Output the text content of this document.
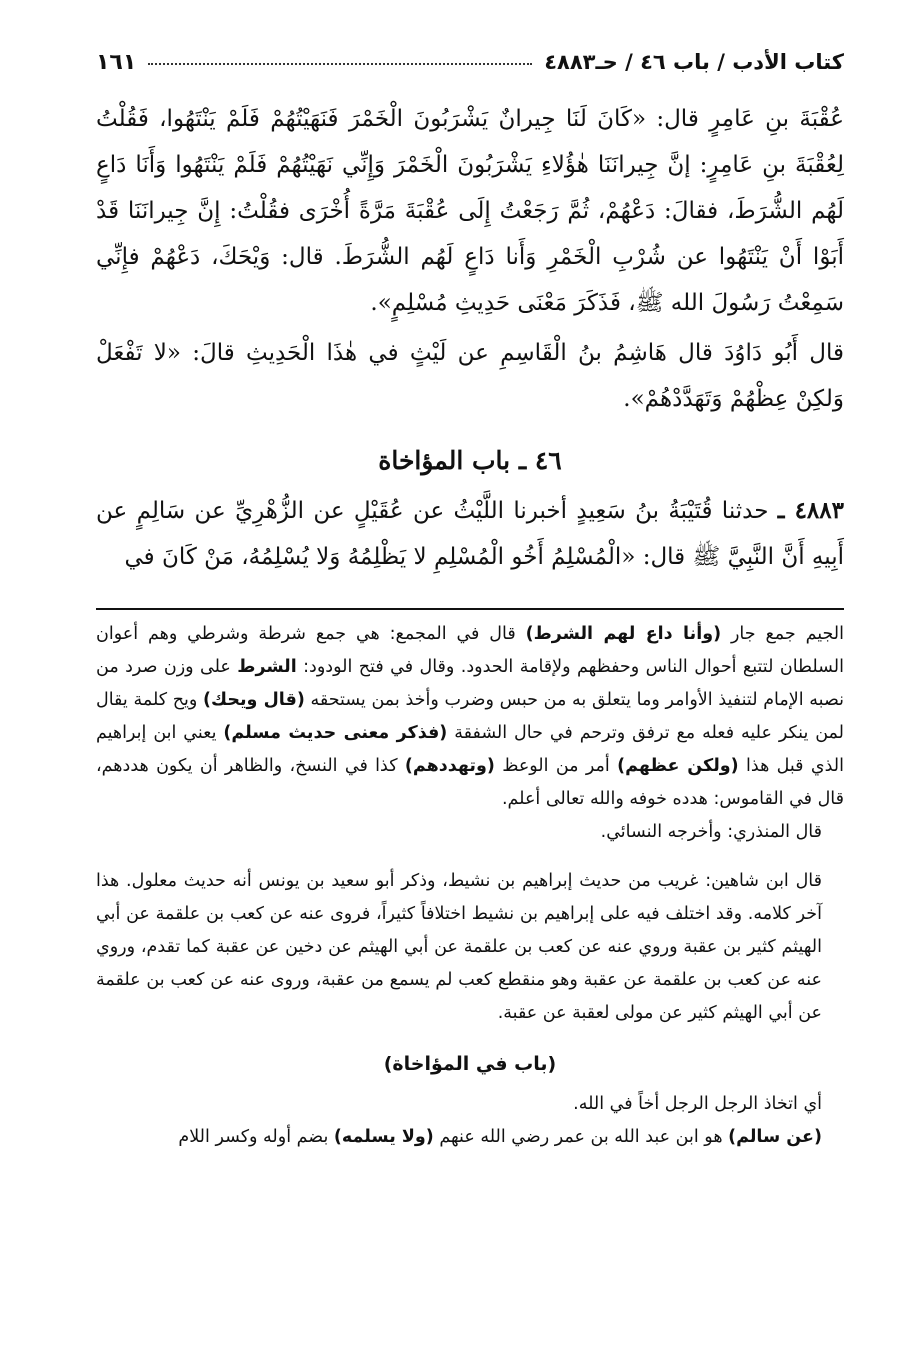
كتاب الأدب / باب ٤٦ / حـ٤٨٨٣
١٦١

عُقْبَةَ بنِ عَامِرٍ قال: «كَانَ لَنَا جِيرانٌ يَشْرَبُونَ الْخَمْرَ فَنَهَيْتُهُمْ فَلَمْ يَنْتَهُوا، فَقُلْتُ لِعُقْبَةَ بنِ عَامِرٍ: إنَّ جِيرانَنَا هٰؤُلاءِ يَشْرَبُونَ الْخَمْرَ وَإِنِّي نَهَيْتُهُمْ فَلَمْ يَنْتَهُوا وَأَنَا دَاعٍ لَهُم الشُّرَطَ، فقالَ: دَعْهُمْ، ثُمَّ رَجَعْتُ إِلَى عُقْبَةَ مَرَّةً أُخْرَى فقُلْتُ: إِنَّ جِيرانَنَا قَدْ أَبَوْا أَنْ يَنْتَهُوا عن شُرْبِ الْخَمْرِ وَأَنا دَاعٍ لَهُم الشُّرَطَ. قال: وَيْحَكَ، دَعْهُمْ فإِنِّي سَمِعْتُ رَسُولَ الله ﷺ، فَذَكَرَ مَعْنَى حَدِيثِ مُسْلِمٍ».

قال أَبُو دَاوُدَ قال هَاشِمُ بنُ الْقَاسِمِ عن لَيْثٍ في هٰذَا الْحَدِيثِ قالَ: «لا تَفْعَلْ وَلكِنْ عِظْهُمْ وَتَهَدَّدْهُمْ».

٤٦ ـ باب المؤاخاة

٤٨٨٣ ـ حدثنا قُتَيْبَةُ بنُ سَعِيدٍ أخبرنا اللَّيْثُ عن عُقَيْلٍ عن الزُّهْرِيِّ عن سَالِمٍ عن أَبِيهِ أَنَّ النَّبِيَّ ﷺ قال: «الْمُسْلِمُ أَخُو الْمُسْلِمِ لا يَظْلِمُهُ وَلا يُسْلِمُهُ، مَنْ كَانَ في

الجيم جمع جار (وأنا داع لهم الشرط) قال في المجمع: هي جمع شرطة وشرطي وهم أعوان السلطان لتتبع أحوال الناس وحفظهم ولإقامة الحدود. وقال في فتح الودود: الشرط على وزن صرد من نصبه الإمام لتنفيذ الأوامر وما يتعلق به من حبس وضرب وأخذ بمن يستحقه (قال ويحك) ويح كلمة يقال لمن ينكر عليه فعله مع ترفق وترحم في حال الشفقة (فذكر معنى حديث مسلم) يعني ابن إبراهيم الذي قبل هذا (ولكن عظهم) أمر من الوعظ (وتهددهم) كذا في النسخ، والظاهر أن يكون هددهم، قال في القاموس: هدده خوفه والله تعالى أعلم.

قال المنذري: وأخرجه النسائي.

قال ابن شاهين: غريب من حديث إبراهيم بن نشيط، وذكر أبو سعيد بن يونس أنه حديث معلول. هذا آخر كلامه. وقد اختلف فيه على إبراهيم بن نشيط اختلافاً كثيراً، فروى عنه عن كعب بن علقمة عن أبي الهيثم كثير بن عقبة وروي عنه عن كعب بن علقمة عن أبي الهيثم عن دخين عن عقبة كما تقدم، وروي عنه عن كعب بن علقمة عن عقبة وهو منقطع كعب لم يسمع من عقبة، وروى عنه عن كعب بن علقمة عن أبي الهيثم كثير عن مولى لعقبة عن عقبة.

(باب في المؤاخاة)

أي اتخاذ الرجل الرجل أخاً في الله.

(عن سالم) هو ابن عبد الله بن عمر رضي الله عنهم (ولا يسلمه) بضم أوله وكسر اللام
